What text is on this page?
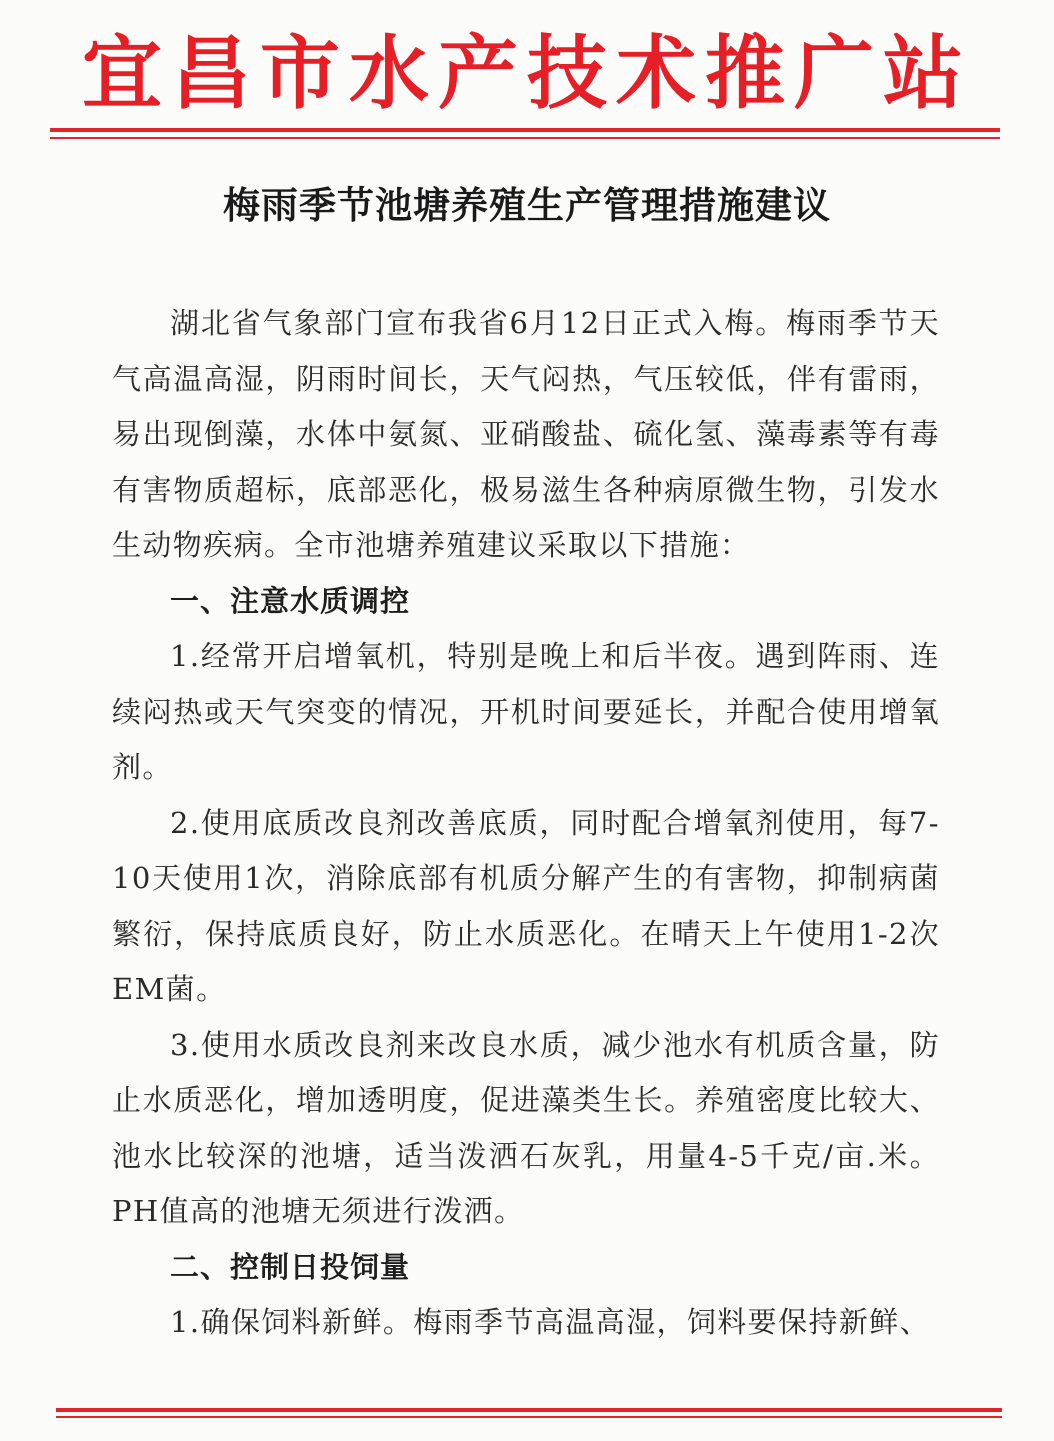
宜昌市水产技术推广站
梅雨季节池塘养殖生产管理措施建议

湖北省气象部门宣布我省6月12日正式入梅。梅雨季节天气高温高湿，阴雨时间长，天气闷热，气压较低，伴有雷雨，易出现倒藻，水体中氨氮、亚硝酸盐、硫化氢、藻毒素等有毒有害物质超标，底部恶化，极易滋生各种病原微生物，引发水生动物疾病。全市池塘养殖建议采取以下措施：

一、注意水质调控

1.经常开启增氧机，特别是晚上和后半夜。遇到阵雨、连续闷热或天气突变的情况，开机时间要延长，并配合使用增氧剂。

2.使用底质改良剂改善底质，同时配合增氧剂使用，每7-10天使用1次，消除底部有机质分解产生的有害物，抑制病菌繁衍，保持底质良好，防止水质恶化。在晴天上午使用1-2次EM菌。

3.使用水质改良剂来改良水质，减少池水有机质含量，防止水质恶化，增加透明度，促进藻类生长。养殖密度比较大、池水比较深的池塘，适当泼洒石灰乳，用量4-5千克/亩.米。PH值高的池塘无须进行泼洒。

二、控制日投饲量

1.确保饲料新鲜。梅雨季节高温高湿，饲料要保持新鲜、
